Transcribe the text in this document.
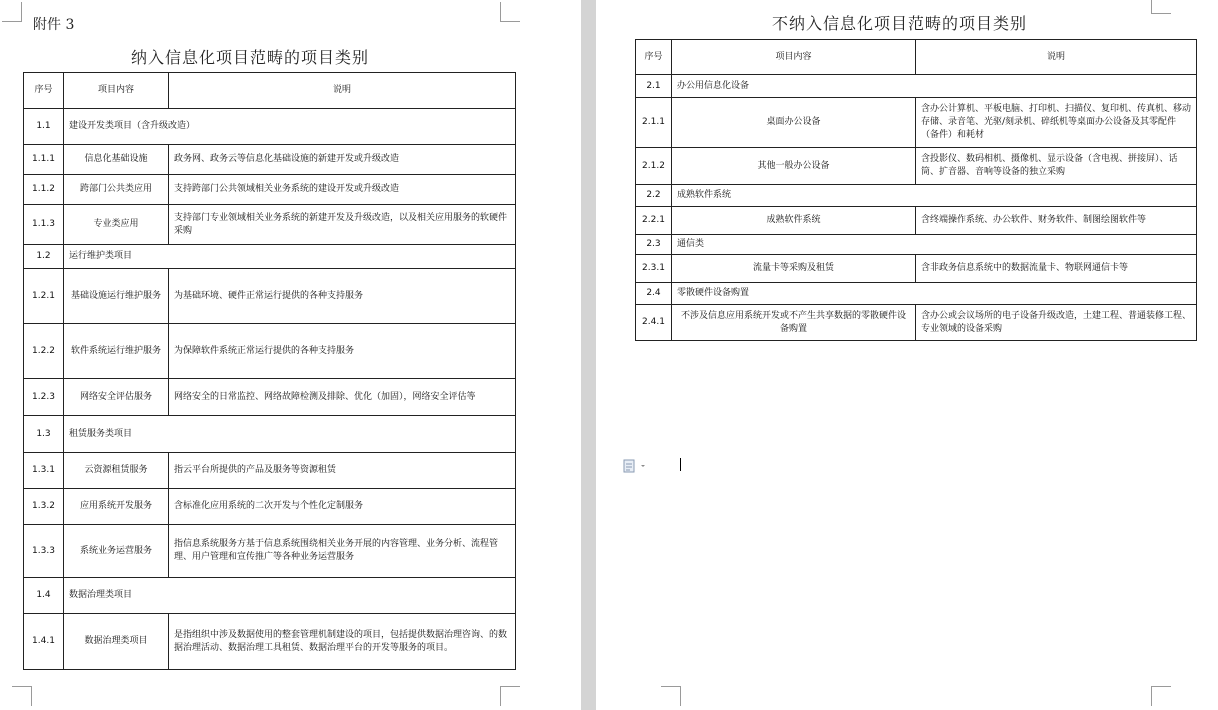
附件 3
纳入信息化项目范畴的项目类别
序号	项目内容	说明
1.1	建设开发类项目（含升级改造）	
1.1.1	信息化基础设施	政务网、政务云等信息化基础设施的新建开发或升级改造
1.1.2	跨部门公共类应用	支持跨部门公共领域相关业务系统的建设开发或升级改造
1.1.3	专业类应用	支持部门专业领域相关业务系统的新建开发及升级改造，以及相关应用服务的软硬件采购
1.2	运行维护类项目	
1.2.1	基础设施运行维护服务	为基础环境、硬件正常运行提供的各种支持服务
1.2.2	软件系统运行维护服务	为保障软件系统正常运行提供的各种支持服务
1.2.3	网络安全评估服务	网络安全的日常监控、网络故障检测及排除、优化（加固），网络安全评估等
1.3	租赁服务类项目	
1.3.1	云资源租赁服务	指云平台所提供的产品及服务等资源租赁
1.3.2	应用系统开发服务	含标准化应用系统的二次开发与个性化定制服务
1.3.3	系统业务运营服务	指信息系统服务方基于信息系统围绕相关业务开展的内容管理、业务分析、流程管理、用户管理和宣传推广等各种业务运营服务
1.4	数据治理类项目	
1.4.1	数据治理类项目	是指组织中涉及数据使用的整套管理机制建设的项目，包括提供数据治理咨询、的数据治理活动、数据治理工具租赁、数据治理平台的开发等服务的项目。
不纳入信息化项目范畴的项目类别
序号	项目内容	说明
2.1	办公用信息化设备	
2.1.1	桌面办公设备	含办公计算机、平板电脑、打印机、扫描仪、复印机、传真机、移动存储、录音笔、光驱/刻录机、碎纸机等桌面办公设备及其零配件（备件）和耗材
2.1.2	其他一般办公设备	含投影仪、数码相机、摄像机、显示设备（含电视、拼接屏）、话筒、扩音器、音响等设备的独立采购
2.2	成熟软件系统	
2.2.1	成熟软件系统	含终端操作系统、办公软件、财务软件、制图绘图软件等
2.3	通信类	
2.3.1	流量卡等采购及租赁	含非政务信息系统中的数据流量卡、物联网通信卡等
2.4	零散硬件设备购置	
2.4.1	不涉及信息应用系统开发或不产生共享数据的零散硬件设备购置	含办公或会议场所的电子设备升级改造，土建工程、普通装修工程、专业领域的设备采购
